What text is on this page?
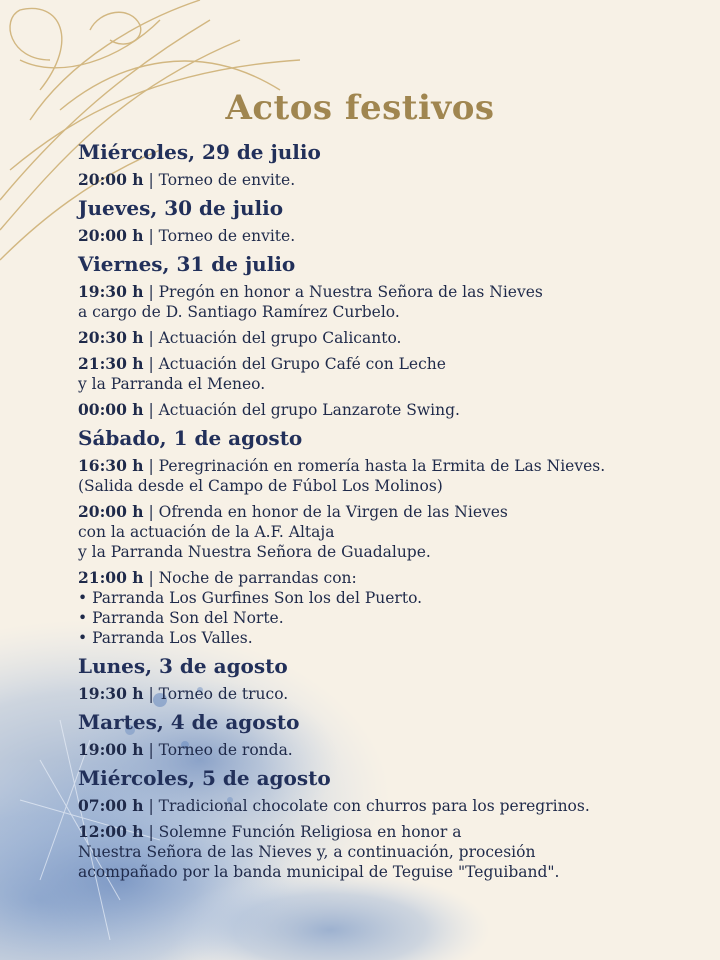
Actos festivos
Miércoles, 29 de julio
20:00 h | Torneo de envite.
Jueves, 30 de julio
20:00 h | Torneo de envite.
Viernes, 31 de julio
19:30 h | Pregón en honor a Nuestra Señora de las Nieves
a cargo de D. Santiago Ramírez Curbelo.
20:30 h | Actuación del grupo Calicanto.
21:30 h | Actuación del Grupo Café con Leche
y la Parranda el Meneo.
00:00 h | Actuación del grupo Lanzarote Swing.
Sábado, 1 de agosto
16:30 h | Peregrinación en romería hasta la Ermita de Las Nieves.
(Salida desde el Campo de Fúbol Los Molinos)
20:00 h | Ofrenda en honor de la Virgen de las Nieves
con la actuación de la A.F. Altaja
y la Parranda Nuestra Señora de Guadalupe.
21:00 h | Noche de parrandas con:
• Parranda Los Gurfines Son los del Puerto.
• Parranda Son del Norte.
• Parranda Los Valles.
Lunes, 3 de agosto
19:30 h | Torneo de truco.
Martes, 4 de agosto
19:00 h | Torneo de ronda.
Miércoles, 5 de agosto
07:00 h | Tradicional chocolate con churros para los peregrinos.
12:00 h | Solemne Función Religiosa en honor a
Nuestra Señora de las Nieves y, a continuación, procesión
acompañado por la banda municipal de Teguise "Teguiband".
